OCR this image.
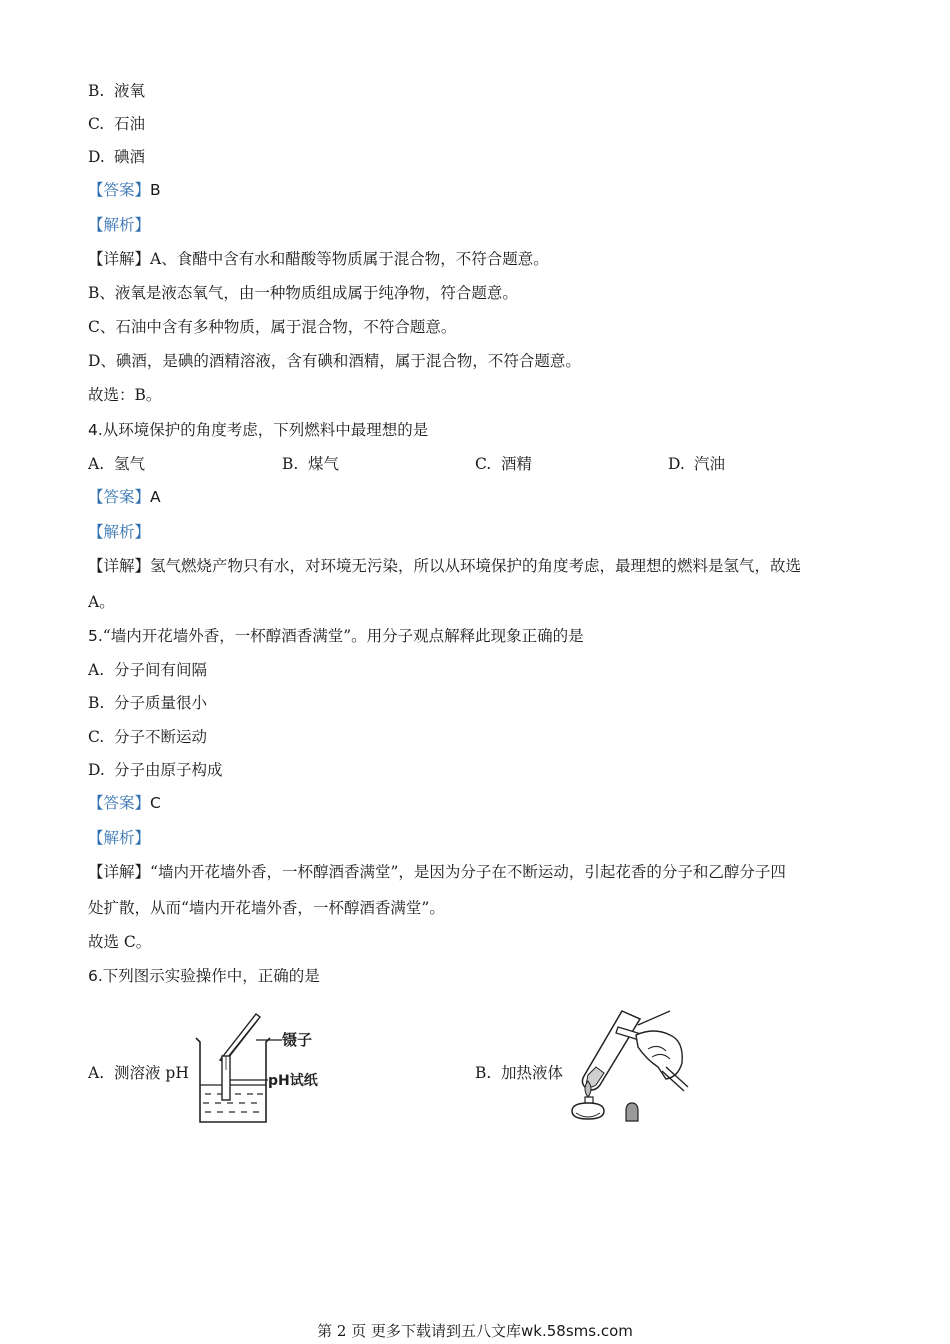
B. 液氧
C. 石油
D. 碘酒
【答案】B
【解析】
【详解】A、食醋中含有水和醋酸等物质属于混合物，不符合题意。
B、液氧是液态氧气，由一种物质组成属于纯净物，符合题意。
C、石油中含有多种物质，属于混合物，不符合题意。
D、碘酒，是碘的酒精溶液，含有碘和酒精，属于混合物，不符合题意。
故选：B。
4.从环境保护的角度考虑，下列燃料中最理想的是
A. 氢气	B. 煤气	C. 酒精	D. 汽油
【答案】A
【解析】
【详解】氢气燃烧产物只有水，对环境无污染，所以从环境保护的角度考虑，最理想的燃料是氢气，故选
A。
5.“墙内开花墙外香，一杯醇酒香满堂”。用分子观点解释此现象正确的是
A. 分子间有间隔
B. 分子质量很小
C. 分子不断运动
D. 分子由原子构成
【答案】C
【解析】
【详解】“墙内开花墙外香，一杯醇酒香满堂”，是因为分子在不断运动，引起花香的分子和乙醇分子四
处扩散，从而“墙内开花墙外香，一杯醇酒香满堂”。
故选 C。
6.下列图示实验操作中，正确的是
A. 测溶液 pH	B. 加热液体
镊子
pH试纸
第 2 页 更多下载请到五八文库wk.58sms.com
